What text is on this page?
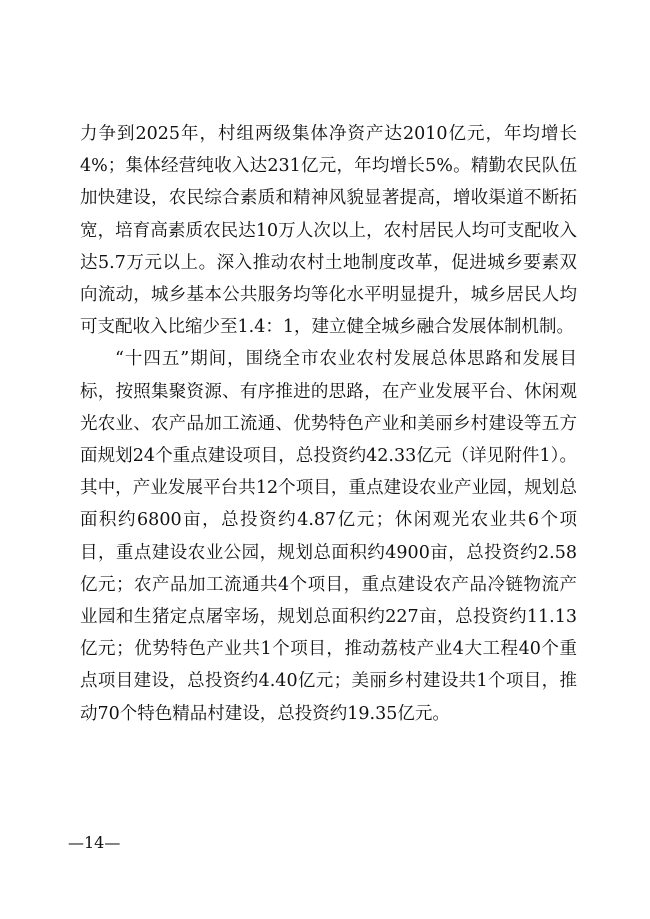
力争到2025年，村组两级集体净资产达2010亿元，年均增长4%；集体经营纯收入达231亿元，年均增长5%。精勤农民队伍加快建设，农民综合素质和精神风貌显著提高，增收渠道不断拓宽，培育高素质农民达10万人次以上，农村居民人均可支配收入达5.7万元以上。深入推动农村土地制度改革，促进城乡要素双向流动，城乡基本公共服务均等化水平明显提升，城乡居民人均可支配收入比缩少至1.4：1，建立健全城乡融合发展体制机制。

“十四五”期间，围绕全市农业农村发展总体思路和发展目标，按照集聚资源、有序推进的思路，在产业发展平台、休闲观光农业、农产品加工流通、优势特色产业和美丽乡村建设等五方面规划24个重点建设项目，总投资约42.33亿元（详见附件1）。其中，产业发展平台共12个项目，重点建设农业产业园，规划总面积约6800亩，总投资约4.87亿元；休闲观光农业共6个项目，重点建设农业公园，规划总面积约4900亩，总投资约2.58亿元；农产品加工流通共4个项目，重点建设农产品冷链物流产业园和生猪定点屠宰场，规划总面积约227亩，总投资约11.13亿元；优势特色产业共1个项目，推动荔枝产业4大工程40个重点项目建设，总投资约4.40亿元；美丽乡村建设共1个项目，推动70个特色精品村建设，总投资约19.35亿元。

—14—
